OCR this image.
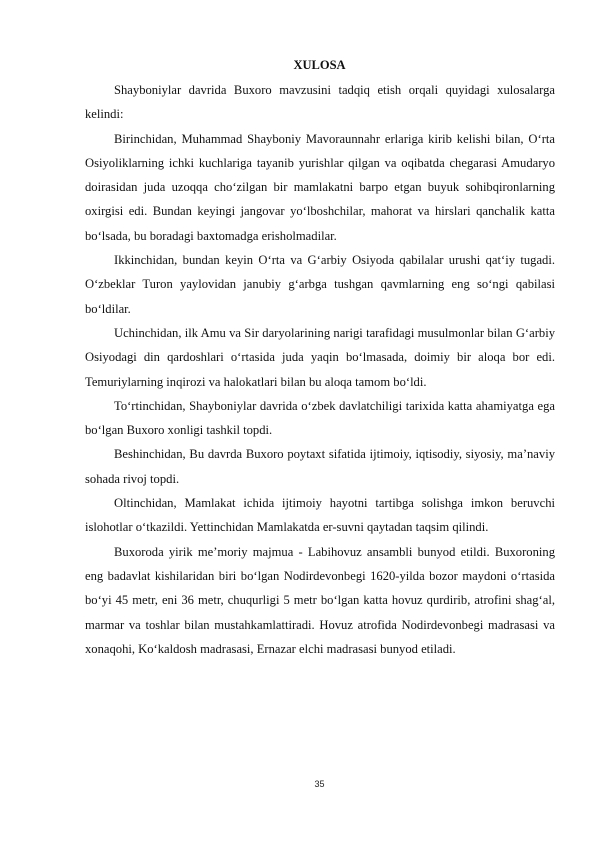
XULOSA

Shayboniylar davrida Buxoro mavzusini tadqiq etish orqali quyidagi xulosalarga kelindi:

Birinchidan, Muhammad Shayboniy Mavoraunnahr erlariga kirib kelishi bilan, O‘rta Osiyoliklarning ichki kuchlariga tayanib yurishlar qilgan va oqibatda chegarasi Amudaryo doirasidan juda uzoqqa cho‘zilgan bir mamlakatni barpo etgan buyuk sohibqironlarning oxirgisi edi. Bundan keyingi jangovar yo‘lboshchilar, mahorat va hirslari qanchalik katta bo‘lsada, bu boradagi baxtomadga erisholmadilar.

Ikkinchidan, bundan keyin O‘rta va G‘arbiy Osiyoda qabilalar urushi qat‘iy tugadi. O‘zbeklar Turon yaylovidan janubiy g‘arbga tushgan qavmlarning eng so‘ngi qabilasi bo‘ldilar.

Uchinchidan, ilk Amu va Sir daryolarining narigi tarafidagi musulmonlar bilan G‘arbiy Osiyodagi din qardoshlari o‘rtasida juda yaqin bo‘lmasada, doimiy bir aloqa bor edi. Temuriylarning inqirozi va halokatlari bilan bu aloqa tamom bo‘ldi.

To‘rtinchidan, Shayboniylar davrida o‘zbek davlatchiligi tarixida katta ahamiyatga ega bo‘lgan Buxoro xonligi tashkil topdi.

Beshinchidan, Bu davrda Buxoro poytaxt sifatida ijtimoiy, iqtisodiy, siyosiy, ma’naviy sohada rivoj topdi.

Oltinchidan, Mamlakat ichida ijtimoiy hayotni tartibga solishga imkon beruvchi islohotlar o‘tkazildi. Yettinchidan Mamlakatda er-suvni qaytadan taqsim qilindi.

Buxoroda yirik me’moriy majmua - Labihovuz ansambli bunyod etildi. Buxoroning eng badavlat kishilaridan biri bo‘lgan Nodirdevonbegi 1620-yilda bozor maydoni o‘rtasida bo‘yi 45 metr, eni 36 metr, chuqurligi 5 metr bo‘lgan katta hovuz qurdirib, atrofini shag‘al, marmar va toshlar bilan mustahkamlattiradi. Hovuz atrofida Nodirdevonbegi madrasasi va xonaqohi, Ko‘kaldosh madrasasi, Ernazar elchi madrasasi bunyod etiladi.

35
